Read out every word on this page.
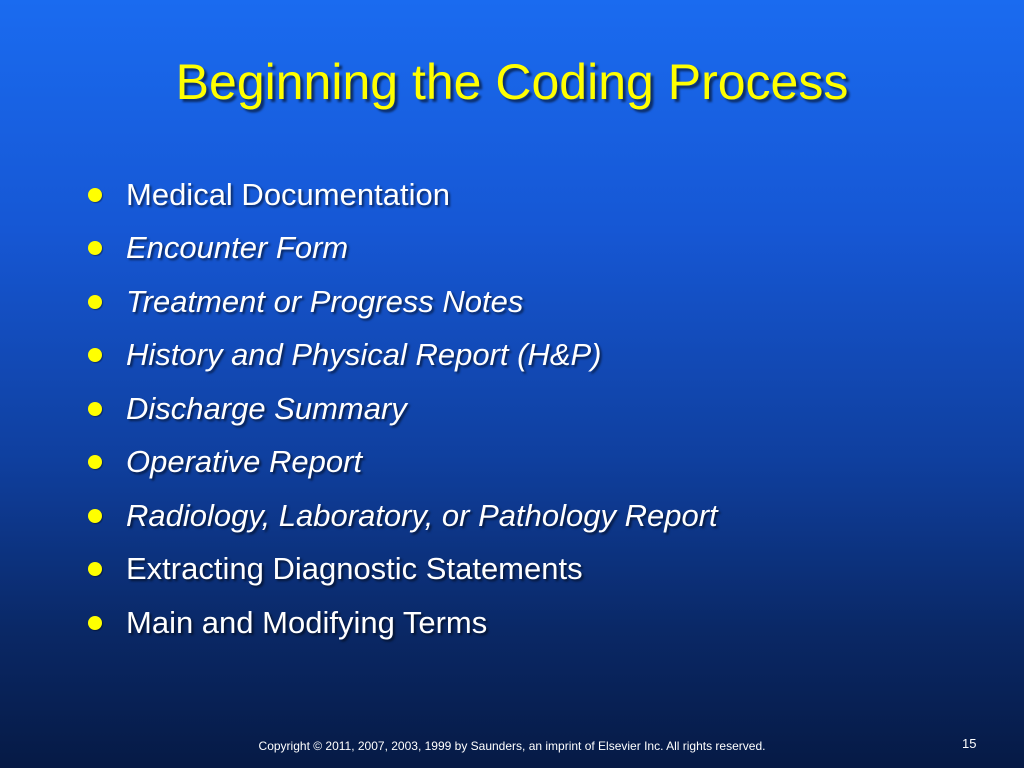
Beginning the Coding Process
Medical Documentation
Encounter Form
Treatment or Progress Notes
History and Physical Report (H&P)
Discharge Summary
Operative Report
Radiology, Laboratory, or Pathology Report
Extracting Diagnostic Statements
Main and Modifying Terms
Copyright © 2011, 2007, 2003, 1999 by Saunders, an imprint of Elsevier Inc. All rights reserved.	15
